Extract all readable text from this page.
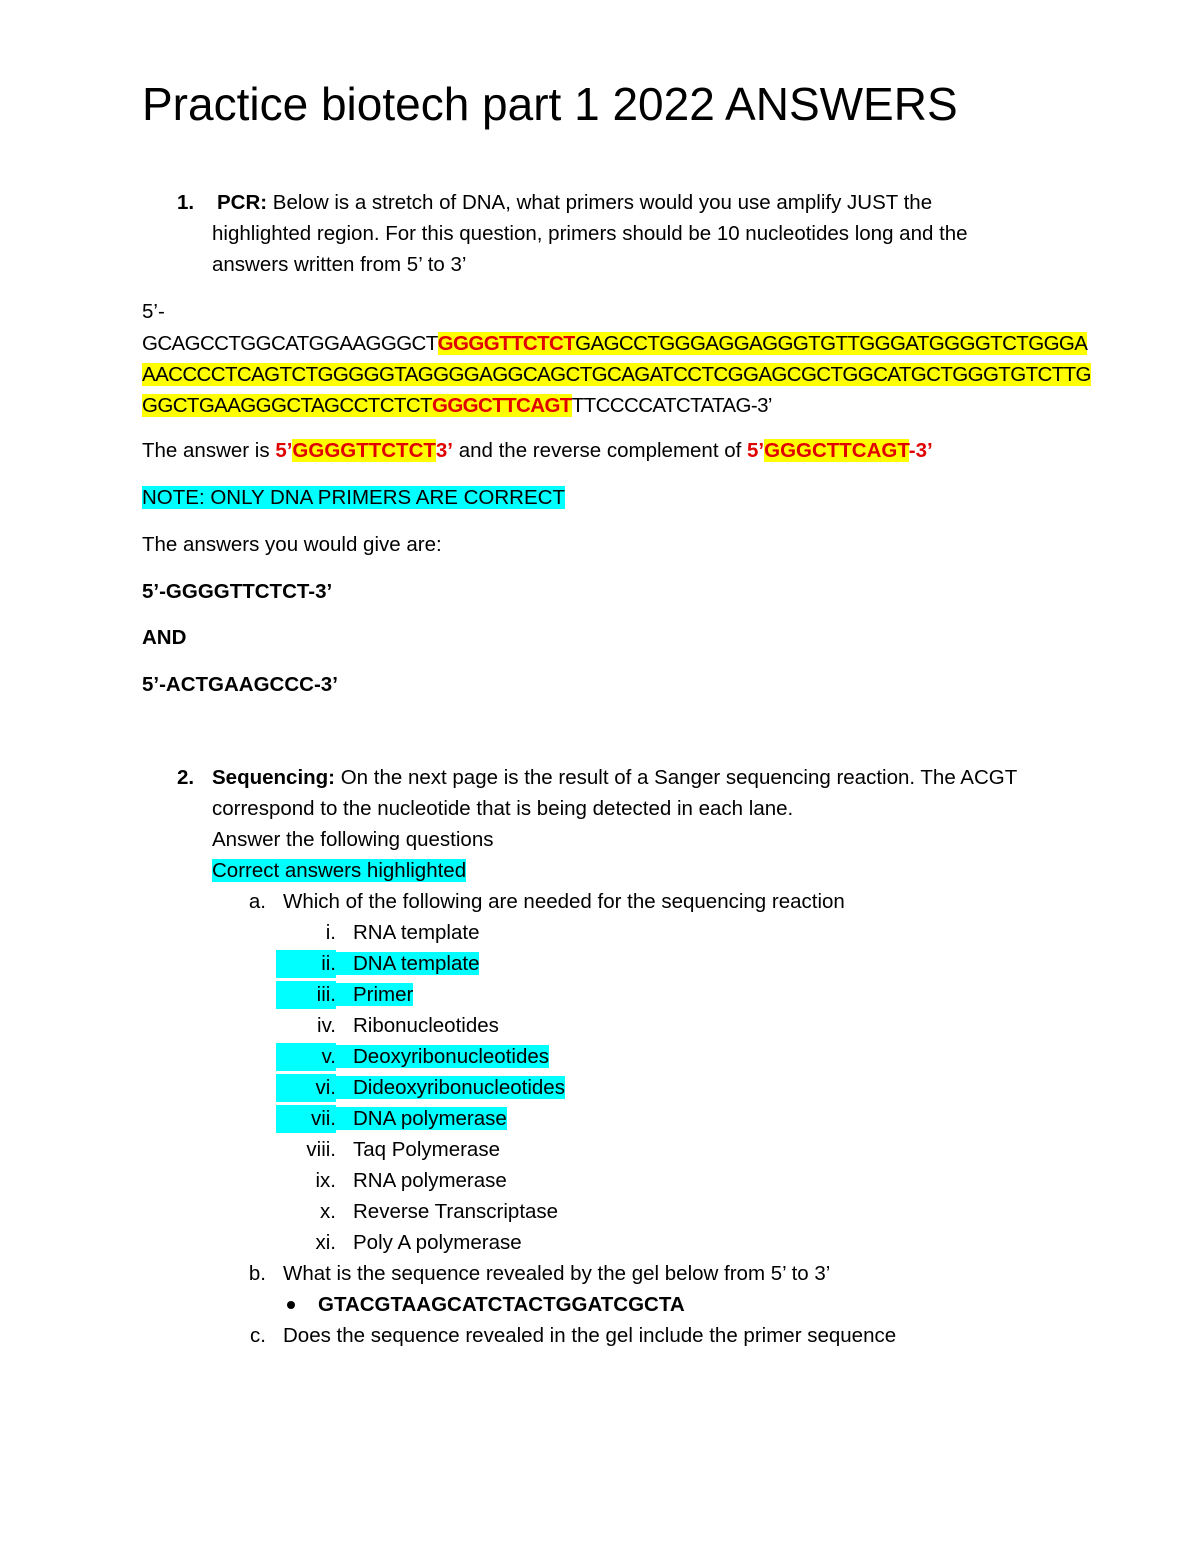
Practice biotech part 1 2022 ANSWERS
1. PCR: Below is a stretch of DNA, what primers would you use amplify JUST the
highlighted region. For this question, primers should be 10 nucleotides long and the
answers written from 5’ to 3’
5’-
GCAGCCTGGCATGGAAGGGCTGGGGTTCTCTGAGCCTGGGAGGAGGGTGTTGGGATGGGGTCTGGGA
AACCCCTCAGTCTGGGGGTAGGGGAGGCAGCTGCAGATCCTCGGAGCGCTGGCATGCTGGGTGTCTTG
GGCTGAAGGGCTAGCCTCTCTGGGCTTCAGTTTCCCCATCTATAG-3’
The answer is 5’GGGGTTCTCT3’ and the reverse complement of 5’GGGCTTCAGT-3’
NOTE: ONLY DNA PRIMERS ARE CORRECT
The answers you would give are:
5’-GGGGTTCTCT-3’
AND
5’-ACTGAAGCCC-3’
2. Sequencing: On the next page is the result of a Sanger sequencing reaction. The ACGT
correspond to the nucleotide that is being detected in each lane.
Answer the following questions
Correct answers highlighted
a. Which of the following are needed for the sequencing reaction
i. RNA template
ii. DNA template
iii. Primer
iv. Ribonucleotides
v. Deoxyribonucleotides
vi. Dideoxyribonucleotides
vii. DNA polymerase
viii. Taq Polymerase
ix. RNA polymerase
x. Reverse Transcriptase
xi. Poly A polymerase
b. What is the sequence revealed by the gel below from 5’ to 3’
GTACGTAAGCATCTACTGGATCGCTA
c. Does the sequence revealed in the gel include the primer sequence
